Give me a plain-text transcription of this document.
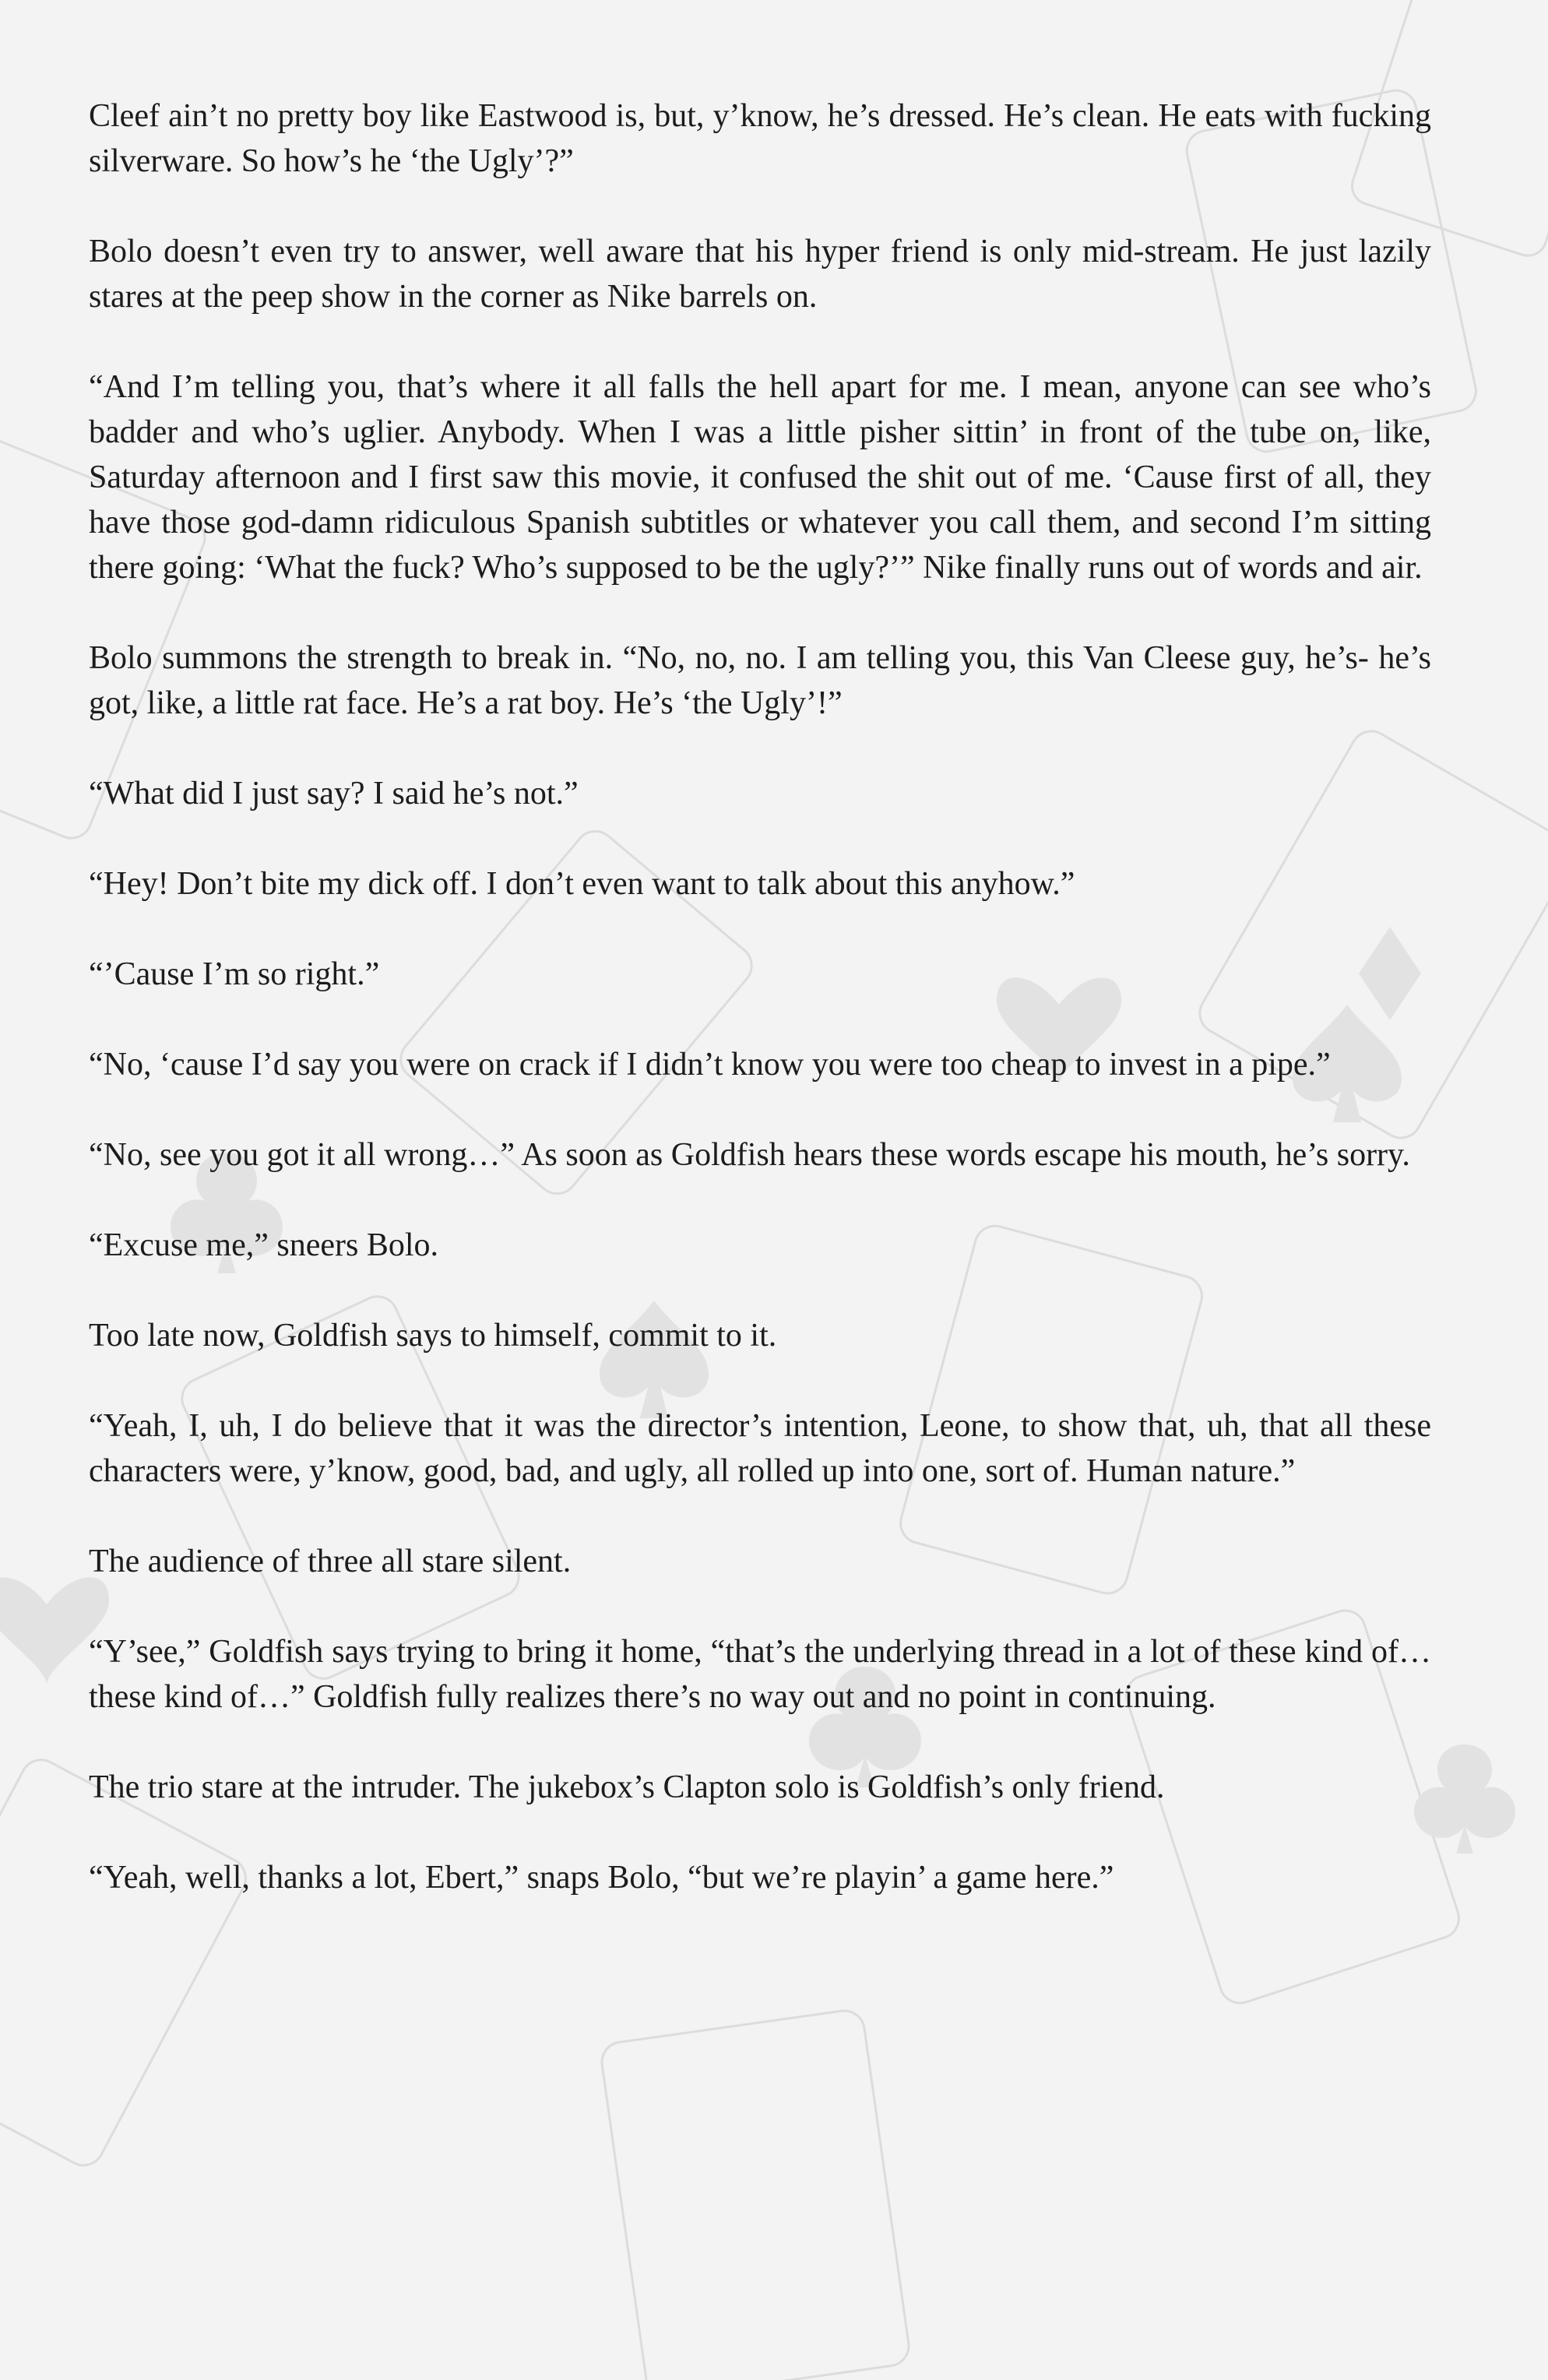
Cleef ain’t no pretty boy like Eastwood is, but, y’know, he’s dressed. He’s clean. He eats with fucking silverware. So how’s he ‘the Ugly’?”

Bolo doesn’t even try to answer, well aware that his hyper friend is only mid-stream. He just lazily stares at the peep show in the corner as Nike barrels on.

“And I’m telling you, that’s where it all falls the hell apart for me. I mean, anyone can see who’s badder and who’s uglier. Anybody. When I was a little pisher sittin’ in front of the tube on, like, Saturday afternoon and I first saw this movie, it confused the shit out of me. ‘Cause first of all, they have those god-damn ridiculous Spanish subtitles or whatever you call them, and second I’m sitting there going: ‘What the fuck? Who’s supposed to be the ugly?’” Nike finally runs out of words and air.

Bolo summons the strength to break in. “No, no, no. I am telling you, this Van Cleese guy, he’s- he’s got, like, a little rat face. He’s a rat boy. He’s ‘the Ugly’!”

“What did I just say? I said he’s not.”

“Hey! Don’t bite my dick off. I don’t even want to talk about this anyhow.”

“’Cause I’m so right.”

“No, ‘cause I’d say you were on crack if I didn’t know you were too cheap to invest in a pipe.”

“No, see you got it all wrong…” As soon as Goldfish hears these words escape his mouth, he’s sorry.

“Excuse me,” sneers Bolo.

Too late now, Goldfish says to himself, commit to it.

“Yeah, I, uh, I do believe that it was the director’s intention, Leone, to show that, uh, that all these characters were, y’know, good, bad, and ugly, all rolled up into one, sort of. Human nature.”

The audience of three all stare silent.

“Y’see,” Goldfish says trying to bring it home, “that’s the underlying thread in a lot of these kind of…these kind of…” Goldfish fully realizes there’s no way out and no point in continuing.

The trio stare at the intruder. The jukebox’s Clapton solo is Goldfish’s only friend.

“Yeah, well, thanks a lot, Ebert,” snaps Bolo, “but we’re playin’ a game here.”
